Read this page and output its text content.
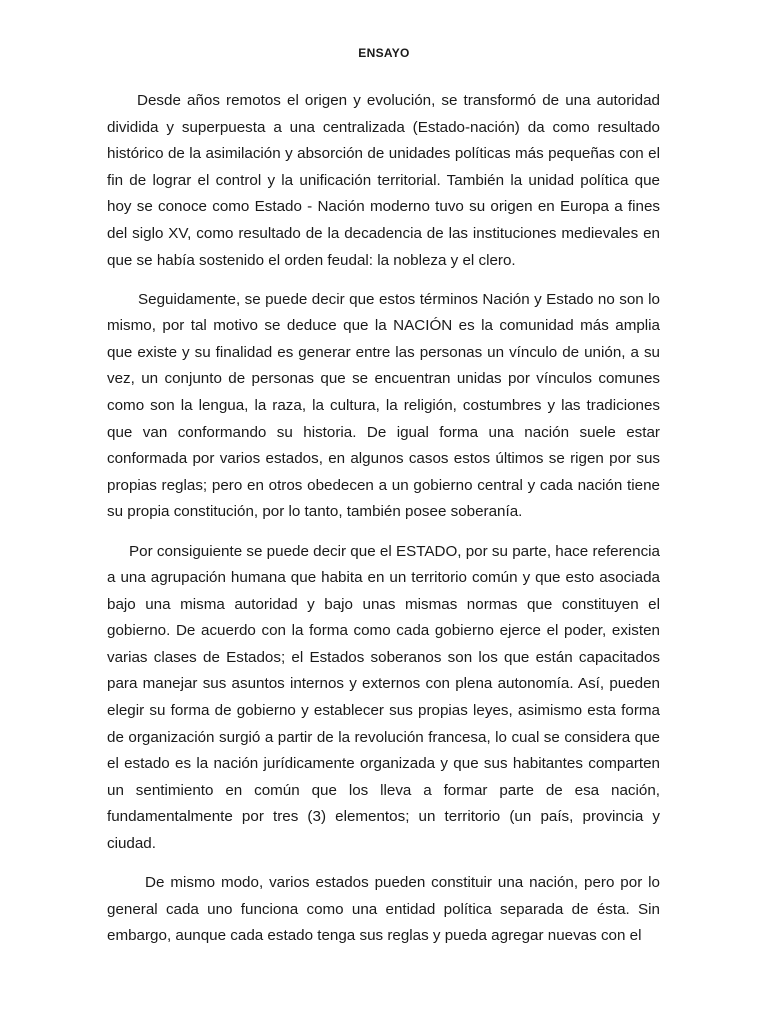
ENSAYO

Desde años remotos el origen y evolución, se transformó de una autoridad dividida y superpuesta a una centralizada (Estado-nación) da como resultado histórico de la asimilación y absorción de unidades políticas más pequeñas con el fin de lograr el control y la unificación territorial. También la unidad política que hoy se conoce como Estado - Nación moderno tuvo su origen en Europa a fines del siglo XV, como resultado de la decadencia de las instituciones medievales en que se había sostenido el orden feudal: la nobleza y el clero.

Seguidamente, se puede decir que estos términos Nación y Estado no son lo mismo, por tal motivo se deduce que la NACIÓN es la comunidad más amplia que existe y su finalidad es generar entre las personas un vínculo de unión, a su vez, un conjunto de personas que se encuentran unidas por vínculos comunes como son la lengua, la raza, la cultura, la religión, costumbres y las tradiciones que van conformando su historia. De igual forma una nación suele estar conformada por varios estados, en algunos casos estos últimos se rigen por sus propias reglas; pero en otros obedecen a un gobierno central y cada nación tiene su propia constitución, por lo tanto, también posee soberanía.

Por consiguiente se puede decir que el ESTADO, por su parte, hace referencia a una agrupación humana que habita en un territorio común y que esto asociada bajo una misma autoridad y bajo unas mismas normas que constituyen el gobierno. De acuerdo con la forma como cada gobierno ejerce el poder, existen varias clases de Estados; el Estados soberanos son los que están capacitados para manejar sus asuntos internos y externos con plena autonomía. Así, pueden elegir su forma de gobierno y establecer sus propias leyes, asimismo esta forma de organización surgió a partir de la revolución francesa, lo cual se considera que el estado es la nación jurídicamente organizada y que sus habitantes comparten un sentimiento en común que los lleva a formar parte de esa nación, fundamentalmente por tres (3) elementos; un territorio (un país, provincia y ciudad.

De mismo modo, varios estados pueden constituir una nación, pero por lo general cada uno funciona como una entidad política separada de ésta. Sin embargo, aunque cada estado tenga sus reglas y pueda agregar nuevas con el
